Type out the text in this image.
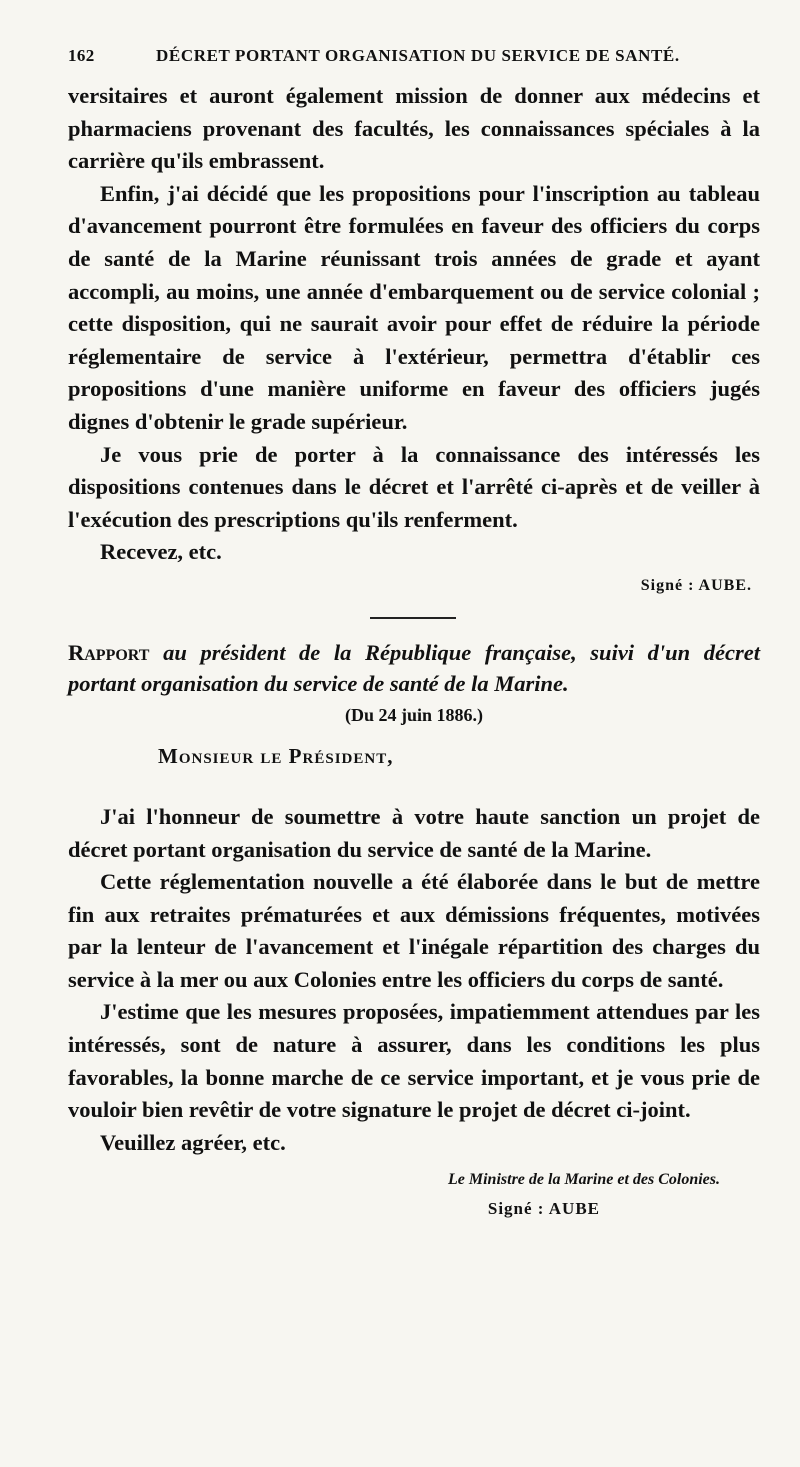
162	DÉCRET PORTANT ORGANISATION DU SERVICE DE SANTÉ.

versitaires et auront également mission de donner aux médecins et pharmaciens provenant des facultés, les connaissances spéciales à la carrière qu'ils embrassent.

Enfin, j'ai décidé que les propositions pour l'inscription au tableau d'avancement pourront être formulées en faveur des officiers du corps de santé de la Marine réunissant trois années de grade et ayant accompli, au moins, une année d'embarquement ou de service colonial ; cette disposition, qui ne saurait avoir pour effet de réduire la période réglementaire de service à l'extérieur, permettra d'établir ces propositions d'une manière uniforme en faveur des officiers jugés dignes d'obtenir le grade supérieur.

Je vous prie de porter à la connaissance des intéressés les dispositions contenues dans le décret et l'arrêté ci-après et de veiller à l'exécution des prescriptions qu'ils renferment.

Recevez, etc.

Signé : AUBE.
Rapport au président de la République française, suivi d'un décret portant organisation du service de santé de la Marine.
(Du 24 juin 1886.)
Monsieur le Président,

J'ai l'honneur de soumettre à votre haute sanction un projet de décret portant organisation du service de santé de la Marine.

Cette réglementation nouvelle a été élaborée dans le but de mettre fin aux retraites prématurées et aux démissions fréquentes, motivées par la lenteur de l'avancement et l'inégale répartition des charges du service à la mer ou aux Colonies entre les officiers du corps de santé.

J'estime que les mesures proposées, impatiemment attendues par les intéressés, sont de nature à assurer, dans les conditions les plus favorables, la bonne marche de ce service important, et je vous prie de vouloir bien revêtir de votre signature le projet de décret ci-joint.

Veuillez agréer, etc.

Le Ministre de la Marine et des Colonies.
Signé : AUBE
